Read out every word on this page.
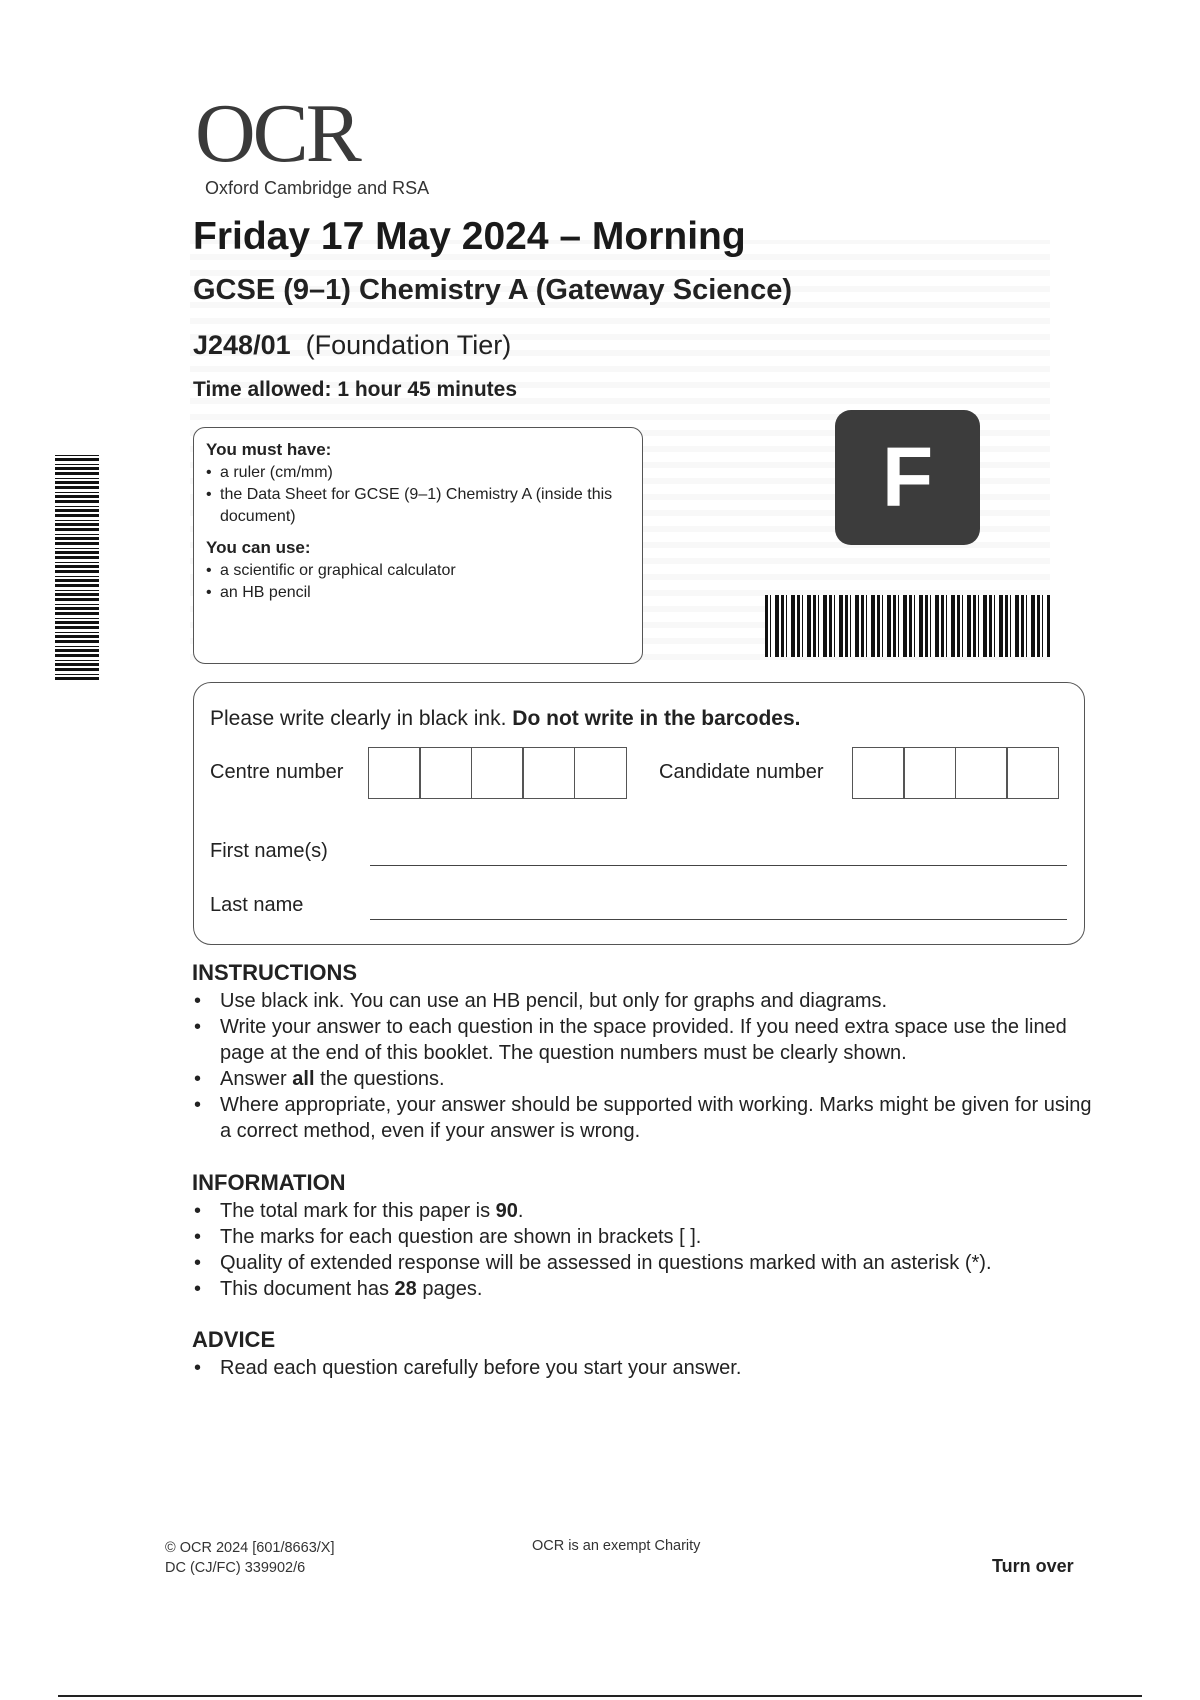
OCR
Oxford Cambridge and RSA
Friday 17 May 2024 – Morning
GCSE (9–1) Chemistry A (Gateway Science)
J248/01 (Foundation Tier)
Time allowed: 1 hour 45 minutes
You must have:
• a ruler (cm/mm)
• the Data Sheet for GCSE (9–1) Chemistry A (inside this document)
You can use:
• a scientific or graphical calculator
• an HB pencil
F
Please write clearly in black ink. Do not write in the barcodes.
Centre number	Candidate number
First name(s)
Last name
INSTRUCTIONS
• Use black ink. You can use an HB pencil, but only for graphs and diagrams.
• Write your answer to each question in the space provided. If you need extra space use the lined page at the end of this booklet. The question numbers must be clearly shown.
• Answer all the questions.
• Where appropriate, your answer should be supported with working. Marks might be given for using a correct method, even if your answer is wrong.
INFORMATION
• The total mark for this paper is 90.
• The marks for each question are shown in brackets [ ].
• Quality of extended response will be assessed in questions marked with an asterisk (*).
• This document has 28 pages.
ADVICE
• Read each question carefully before you start your answer.
© OCR 2024 [601/8663/X]
DC (CJ/FC) 339902/6
OCR is an exempt Charity
Turn over
